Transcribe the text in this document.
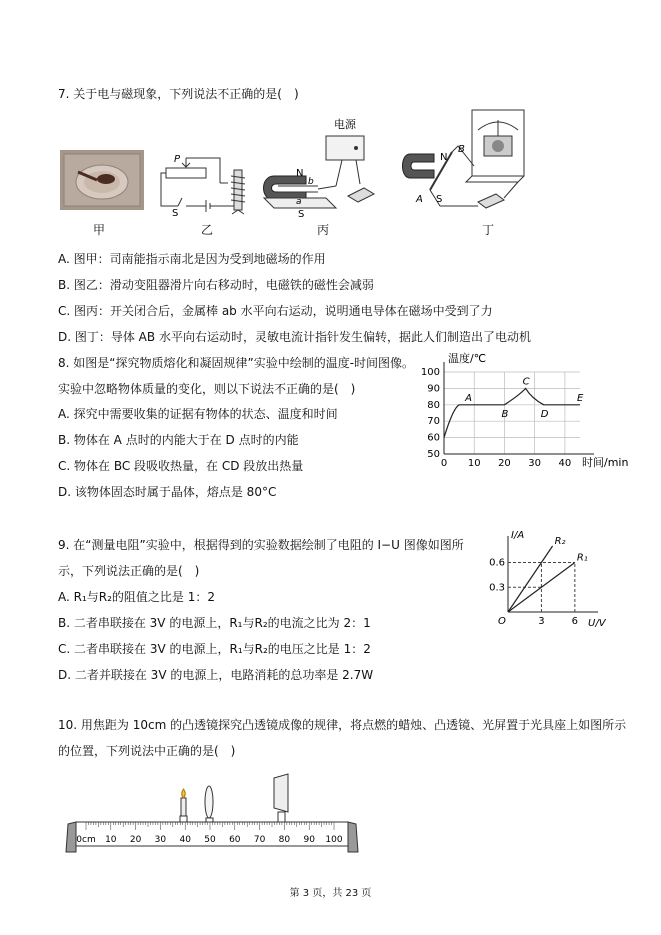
7. 关于电与磁现象，下列说法不正确的是(　)
甲
P
S
乙
电源
N
b
a
S
丙
N
B
A S
丁
A. 图甲：司南能指示南北是因为受到地磁场的作用
B. 图乙：滑动变阻器滑片向右移动时，电磁铁的磁性会减弱
C. 图丙：开关闭合后，金属棒 ab 水平向右运动，说明通电导体在磁场中受到了力
D. 图丁：导体 AB 水平向右运动时，灵敏电流计指针发生偏转，据此人们制造出了电动机
8. 如图是“探究物质熔化和凝固规律”实验中绘制的温度-时间图像。
实验中忽略物体质量的变化，则以下说法不正确的是(　)
A. 探究中需要收集的证据有物体的状态、温度和时间
B. 物体在 A 点时的内能大于在 D 点时的内能
C. 物体在 BC 段吸收热量，在 CD 段放出热量
D. 该物体固态时属于晶体，熔点是 80°C
0 10 20 30 40
50
60
70
80
90
100
温度/℃
时间/min
A
B
C
D
E
9. 在“测量电阻”实验中，根据得到的实验数据绘制了电阻的 I−U 图像如图所
示，下列说法正确的是(　)
A. R₁与R₂的阻值之比是 1：2
B. 二者串联接在 3V 的电源上，R₁与R₂的电流之比为 2：1
C. 二者串联接在 3V 的电源上，R₁与R₂的电压之比是 1：2
D. 二者并联接在 3V 的电源上，电路消耗的总功率是 2.7W
R₂
R₁
3	6
0.3
0.6
O
I/A
U/V
10. 用焦距为 10cm 的凸透镜探究凸透镜成像的规律，将点燃的蜡烛、凸透镜、光屏置于光具座上如图所示
的位置，下列说法中正确的是(　)
0cm 10 20 30 40 50 60 70 80 90 100
第 3 页，共 23 页
